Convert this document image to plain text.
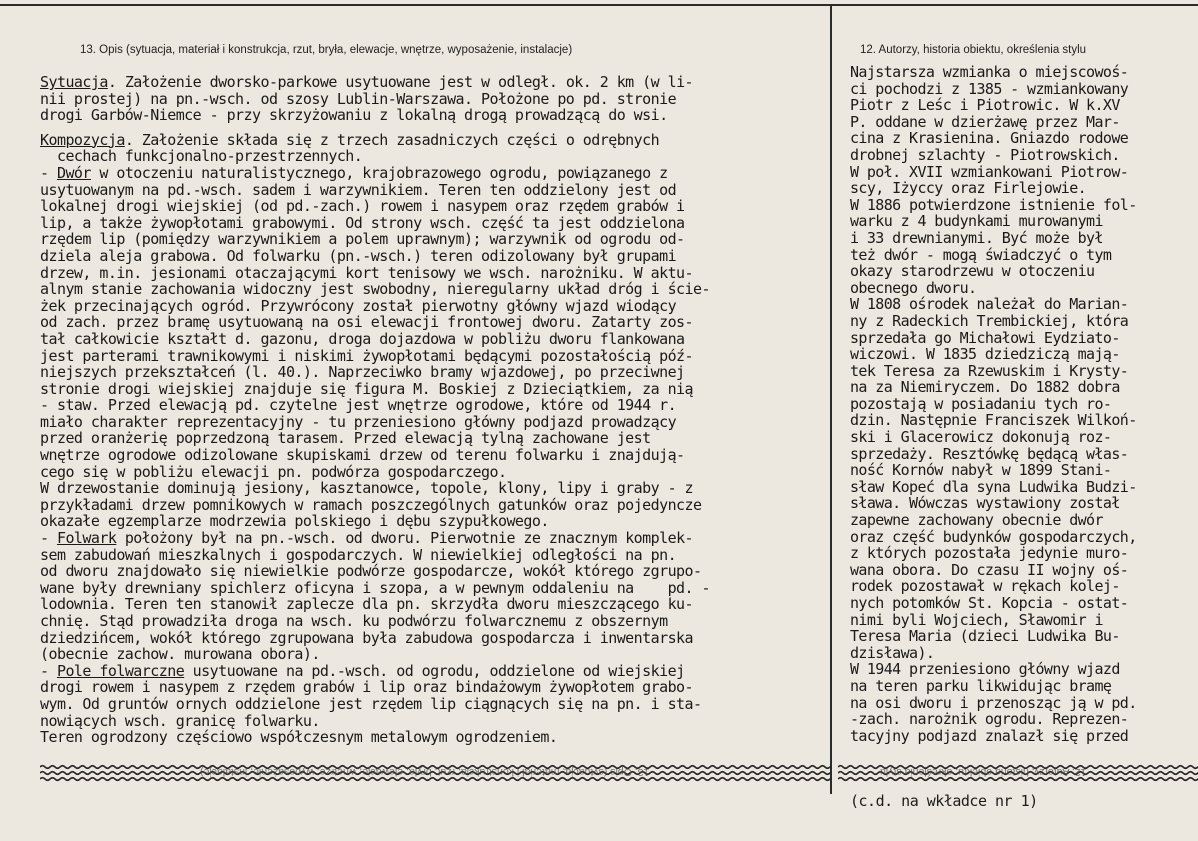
13. Opis (sytuacja, materiał i konstrukcja, rzut, bryła, elewacje, wnętrze, wyposażenie, instalacje)	12. Autorzy, historia obiektu, określenia stylu
Sytuacja. Założenie dworsko-parkowe usytuowane jest w odległ. ok. 2 km (w li-
nii prostej) na pn.-wsch. od szosy Lublin-Warszawa. Położone po pd. stronie
drogi Garbów-Niemce - przy skrzyżowaniu z lokalną drogą prowadzącą do wsi.
Kompozycja. Założenie składa się z trzech zasadniczych części o odrębnych
cechach funkcjonalno-przestrzennych.
- Dwór w otoczeniu naturalistycznego, krajobrazowego ogrodu, powiązanego z
usytuowanym na pd.-wsch. sadem i warzywnikiem. Teren ten oddzielony jest od
lokalnej drogi wiejskiej (od pd.-zach.) rowem i nasypem oraz rzędem grabów i
lip, a także żywopłotami grabowymi. Od strony wsch. część ta jest oddzielona
rzędem lip (pomiędzy warzywnikiem a polem uprawnym); warzywnik od ogrodu od-
dziela aleja grabowa. Od folwarku (pn.-wsch.) teren odizolowany był grupami
drzew, m.in. jesionami otaczającymi kort tenisowy we wsch. narożniku. W aktu-
alnym stanie zachowania widoczny jest swobodny, nieregularny układ dróg i ście-
żek przecinających ogród. Przywrócony został pierwotny główny wjazd wiodący
od zach. przez bramę usytuowaną na osi elewacji frontowej dworu. Zatarty zos-
tał całkowicie kształt d. gazonu, droga dojazdowa w pobliżu dworu flankowana
jest parterami trawnikowymi i niskimi żywopłotami będącymi pozostałością póź-
niejszych przekształceń (l. 40.). Naprzeciwko bramy wjazdowej, po przeciwnej
stronie drogi wiejskiej znajduje się figura M. Boskiej z Dzieciątkiem, za nią
- staw. Przed elewacją pd. czytelne jest wnętrze ogrodowe, które od 1944 r.
miało charakter reprezentacyjny - tu przeniesiono główny podjazd prowadzący
przed oranżerię poprzedzoną tarasem. Przed elewacją tylną zachowane jest
wnętrze ogrodowe odizolowane skupiskami drzew od terenu folwarku i znajdują-
cego się w pobliżu elewacji pn. podwórza gospodarczego.
W drzewostanie dominują jesiony, kasztanowce, topole, klony, lipy i graby - z
przykładami drzew pomnikowych w ramach poszczególnych gatunków oraz pojedyncze
okazałe egzemplarze modrzewia polskiego i dębu szypułkowego.
- Folwark położony był na pn.-wsch. od dworu. Pierwotnie ze znacznym komplek-
sem zabudowań mieszkalnych i gospodarczych. W niewielkiej odległości na pn.
od dworu znajdowało się niewielkie podwórze gospodarcze, wokół którego zgrupo-
wane były drewniany spichlerz oficyna i szopa, a w pewnym oddaleniu na    pd. -
lodownia. Teren ten stanowił zaplecze dla pn. skrzydła dworu mieszczącego ku-
chnię. Stąd prowadziła droga na wsch. ku podwórzu folwarcznemu z obszernym
dziedzińcem, wokół którego zgrupowana była zabudowa gospodarcza i inwentarska
(obecnie zachow. murowana obora).
- Pole folwarczne usytuowane na pd.-wsch. od ogrodu, oddzielone od wiejskiej
drogi rowem i nasypem z rzędem grabów i lip oraz bindażowym żywopłotem grabo-
wym. Od gruntów ornych oddzielone jest rzędem lip ciągnących się na pn. i sta-
nowiących wsch. granicę folwarku.
Teren ogrodzony częściowo współczesnym metalowym ogrodzeniem.
Najstarsza wzmianka o miejscowoś-
ci pochodzi z 1385 - wzmiankowany
Piotr z Leśc i Piotrowic. W k.XV
P. oddane w dzierżawę przez Mar-
cina z Krasienina. Gniazdo rodowe
drobnej szlachty - Piotrowskich.
W poł. XVII wzmiankowani Piotrow-
scy, Iżyccy oraz Firlejowie.
W 1886 potwierdzone istnienie fol-
warku z 4 budynkami murowanymi
i 33 drewnianymi. Być może był
też dwór - mogą świadczyć o tym
okazy starodrzewu w otoczeniu
obecnego dworu.
W 1808 ośrodek należał do Marian-
ny z Radeckich Trembickiej, która
sprzedała go Michałowi Eydziato-
wiczowi. W 1835 dziedziczą mają-
tek Teresa za Rzewuskim i Krysty-
na za Niemiryczem. Do 1882 dobra
pozostają w posiadaniu tych ro-
dzin. Następnie Franciszek Wilkoń-
ski i Glacerowicz dokonują roz-
sprzedaży. Resztówkę będącą włas-
ność Kornów nabył w 1899 Stani-
sław Kopeć dla syna Ludwika Budzi-
sława. Wówczas wystawiony został
zapewne zachowany obecnie dwór
oraz część budynków gospodarczych,
z których pozostała jedynie muro-
wana obora. Do czasu II wojny oś-
rodek pozostawał w rękach kolej-
nych potomków St. Kopcia - ostat-
nimi byli Wojciech, Sławomir i
Teresa Maria (dzieci Ludwika Bu-
dzisława).
W 1944 przeniesiono główny wjazd
na teren parku likwidując bramę
na osi dworu i przenosząc ją w pd.
-zach. narożnik ogrodu. Reprezen-
tacyjny podjazd znalazł się przed
13. Opis (sytuacja, materiał i konstrukcja, rzut, bryła, elewacje, wnętrze, wyposażenie, instalacje)	12. Autorzy, historia obiektu, określenia stylu
(c.d. na wkładce nr 1)
